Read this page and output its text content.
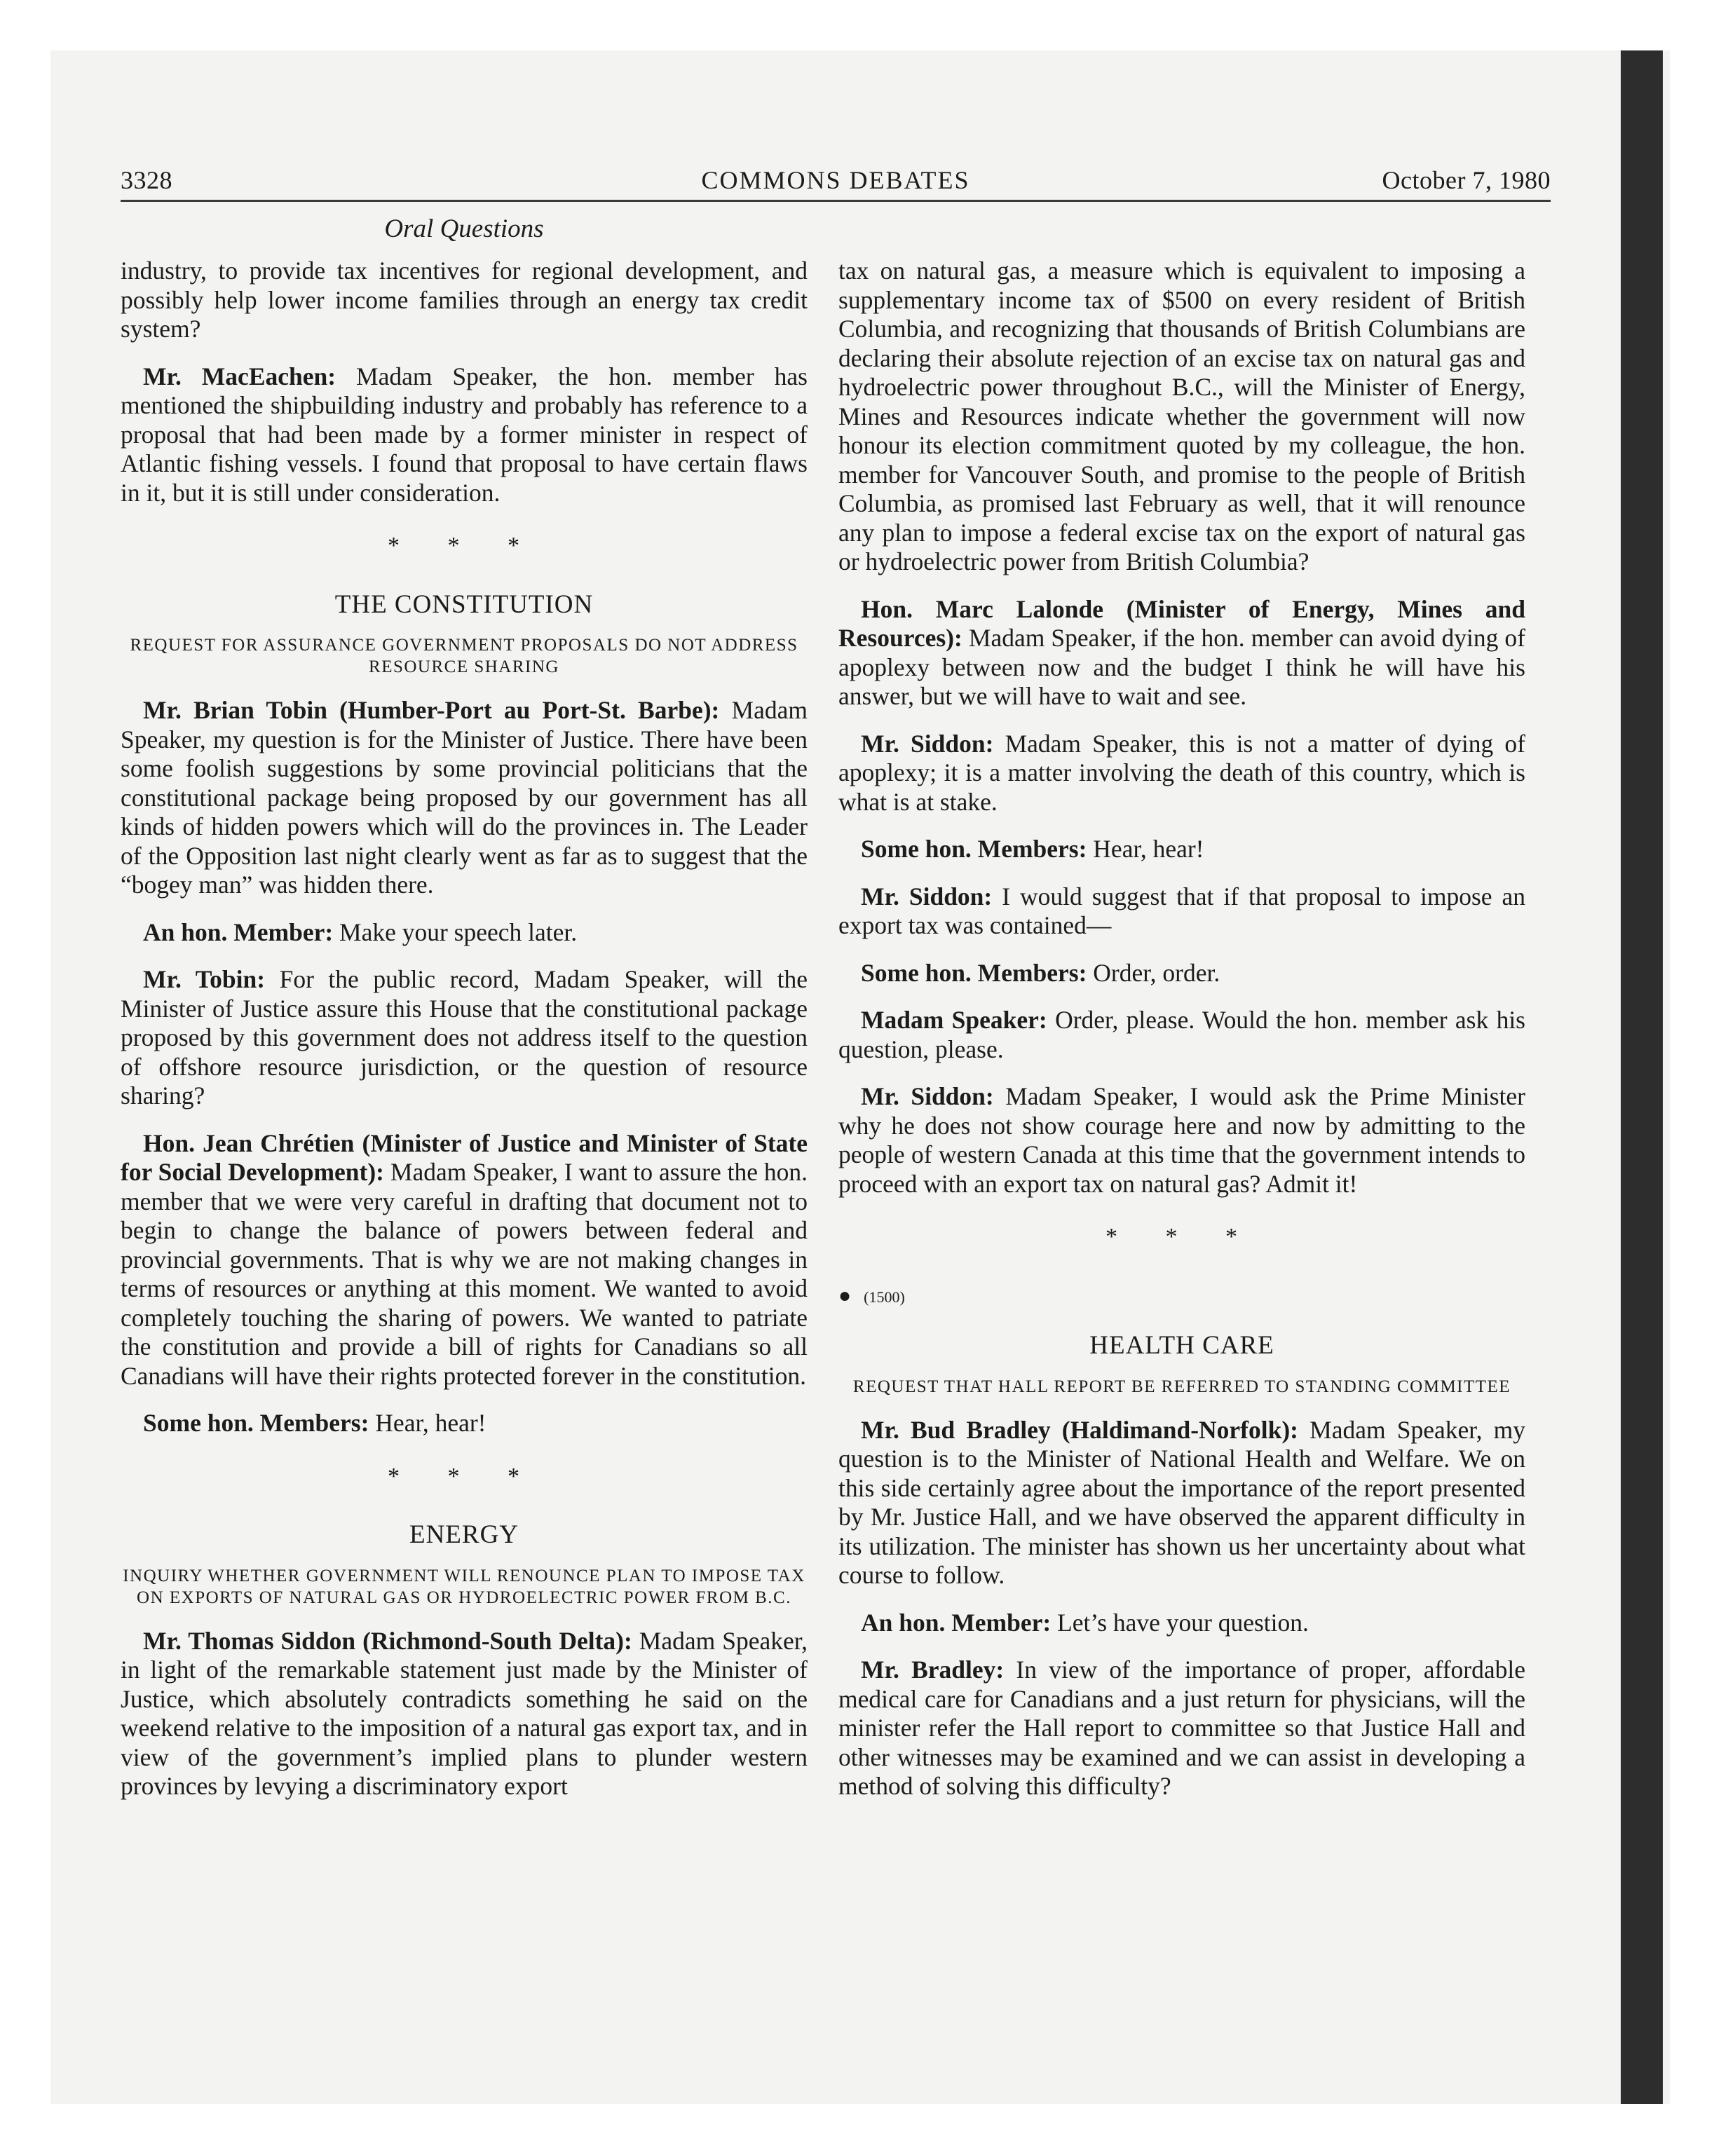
3328	COMMONS DEBATES	October 7, 1980
Oral Questions

industry, to provide tax incentives for regional development, and possibly help lower income families through an energy tax credit system?

Mr. MacEachen: Madam Speaker, the hon. member has mentioned the shipbuilding industry and probably has reference to a proposal that had been made by a former minister in respect of Atlantic fishing vessels. I found that proposal to have certain flaws in it, but it is still under consideration.

* * *
THE CONSTITUTION
REQUEST FOR ASSURANCE GOVERNMENT PROPOSALS DO NOT ADDRESS RESOURCE SHARING

Mr. Brian Tobin (Humber-Port au Port-St. Barbe): Madam Speaker, my question is for the Minister of Justice. There have been some foolish suggestions by some provincial politicians that the constitutional package being proposed by our government has all kinds of hidden powers which will do the provinces in. The Leader of the Opposition last night clearly went as far as to suggest that the “bogey man” was hidden there.

An hon. Member: Make your speech later.

Mr. Tobin: For the public record, Madam Speaker, will the Minister of Justice assure this House that the constitutional package proposed by this government does not address itself to the question of offshore resource jurisdiction, or the question of resource sharing?

Hon. Jean Chrétien (Minister of Justice and Minister of State for Social Development): Madam Speaker, I want to assure the hon. member that we were very careful in drafting that document not to begin to change the balance of powers between federal and provincial governments. That is why we are not making changes in terms of resources or anything at this moment. We wanted to avoid completely touching the sharing of powers. We wanted to patriate the constitution and provide a bill of rights for Canadians so all Canadians will have their rights protected forever in the constitution.

Some hon. Members: Hear, hear!

* * *
ENERGY
INQUIRY WHETHER GOVERNMENT WILL RENOUNCE PLAN TO IMPOSE TAX ON EXPORTS OF NATURAL GAS OR HYDROELECTRIC POWER FROM B.C.

Mr. Thomas Siddon (Richmond-South Delta): Madam Speaker, in light of the remarkable statement just made by the Minister of Justice, which absolutely contradicts something he said on the weekend relative to the imposition of a natural gas export tax, and in view of the government’s implied plans to plunder western provinces by levying a discriminatory export

tax on natural gas, a measure which is equivalent to imposing a supplementary income tax of $500 on every resident of British Columbia, and recognizing that thousands of British Columbians are declaring their absolute rejection of an excise tax on natural gas and hydroelectric power throughout B.C., will the Minister of Energy, Mines and Resources indicate whether the government will now honour its election commitment quoted by my colleague, the hon. member for Vancouver South, and promise to the people of British Columbia, as promised last February as well, that it will renounce any plan to impose a federal excise tax on the export of natural gas or hydroelectric power from British Columbia?

Hon. Marc Lalonde (Minister of Energy, Mines and Resources): Madam Speaker, if the hon. member can avoid dying of apoplexy between now and the budget I think he will have his answer, but we will have to wait and see.

Mr. Siddon: Madam Speaker, this is not a matter of dying of apoplexy; it is a matter involving the death of this country, which is what is at stake.

Some hon. Members: Hear, hear!

Mr. Siddon: I would suggest that if that proposal to impose an export tax was contained—

Some hon. Members: Order, order.

Madam Speaker: Order, please. Would the hon. member ask his question, please.

Mr. Siddon: Madam Speaker, I would ask the Prime Minister why he does not show courage here and now by admitting to the people of western Canada at this time that the government intends to proceed with an export tax on natural gas? Admit it!

* * *
● (1500)
HEALTH CARE
REQUEST THAT HALL REPORT BE REFERRED TO STANDING COMMITTEE

Mr. Bud Bradley (Haldimand-Norfolk): Madam Speaker, my question is to the Minister of National Health and Welfare. We on this side certainly agree about the importance of the report presented by Mr. Justice Hall, and we have observed the apparent difficulty in its utilization. The minister has shown us her uncertainty about what course to follow.

An hon. Member: Let’s have your question.

Mr. Bradley: In view of the importance of proper, affordable medical care for Canadians and a just return for physicians, will the minister refer the Hall report to committee so that Justice Hall and other witnesses may be examined and we can assist in developing a method of solving this difficulty?
